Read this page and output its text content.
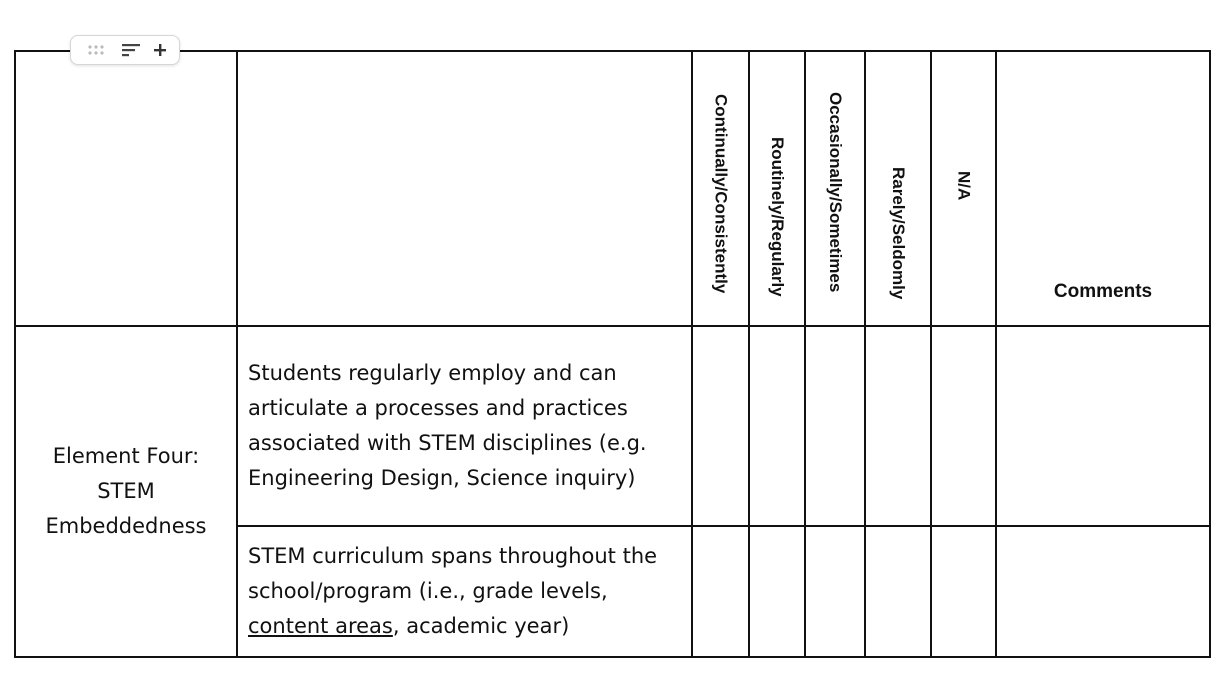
		Continually/Consistently	Routinely/Regularly	Occasionally/Sometimes	Rarely/Seldomly	N/A	Comments

Element Four:
STEM
Embeddedness	Students regularly employ and can articulate a processes and practices associated with STEM disciplines (e.g. Engineering Design, Science inquiry)						
	STEM curriculum spans throughout the school/program (i.e., grade levels, content areas, academic year)						
